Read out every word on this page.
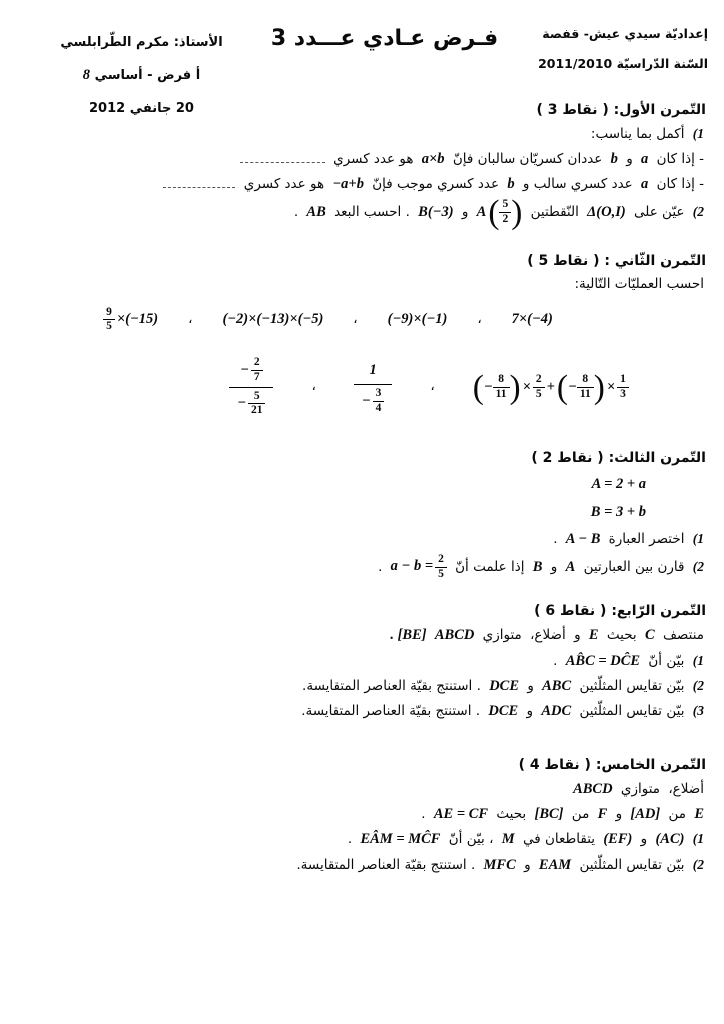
الأستاذ: مكرم الطّرابلسي
8 أساسي - فرض أ
20 جانفي 2012
فـرض عـادي عـــدد 3	إعداديّة سيدي عيش- قفصة
السّنة الدّراسيّة 2011/2010
التّمرن الأول: ( 3 نقاط )
(1 أكمل بما يناسب:
- إذا كان a و b عددان كسريّان سالبان فإنّ a×b هو عدد كسري
- إذا كان a عدد كسري سالب و b عدد كسري موجب فإنّ −a+b هو عدد كسري
(2 عيّن على Δ(O,I) النّقطتين
A ( $\frac{5}{2}$ )
و B(−3) . احسب البعد AB .
التّمرن الثّاني : ( 5 نقاط )
احسب العمليّات التّالية:
7×(−4)
،
(−9)×(−1)
،
(−2)×(−13)×(−5)
،
$\frac{9}{5} \times(-15)$
( − $\frac{8}{11}$ ) × $\frac{2}{5}$ + ( − $\frac{8}{11}$ ) × $\frac{1}{3}$
،
$\frac{1}{- \frac{3}{4}}$
،
$\frac{- \frac{2}{7}}{- \frac{5}{21}}$
التّمرن الثالث: ( 2 نقاط )
A = 2 + a
B = 3 + b
(1 اختصر العبارة A − B .
(2 قارن بين العبارتين A و B إذا علمت أنّ
$a - b = \frac{2}{5}$
.
التّمرن الرّابع: ( 6 نقاط )
. [BE] ABCD متوازي أضلاع، و E بحيث C منتصف
(1 بيّن أنّ AB̂C = DĈE .
(2 بيّن تقايس المثلّثين ABC و DCE . استنتج بقيّة العناصر المتقايسة.
(3 بيّن تقايس المثلّثين ADC و DCE . استنتج بقيّة العناصر المتقايسة.
التّمرن الخامس: ( 4 نقاط )
ABCD متوازي أضلاع،
E من [AD] و F من [BC] بحيث AE = CF .
(1 (AC) و (EF) يتقاطعان في M ، بيّن أنّ EÂM = MĈF .
(2 بيّن تقايس المثلّثين EAM و MFC . استنتج بقيّة العناصر المتقايسة.
